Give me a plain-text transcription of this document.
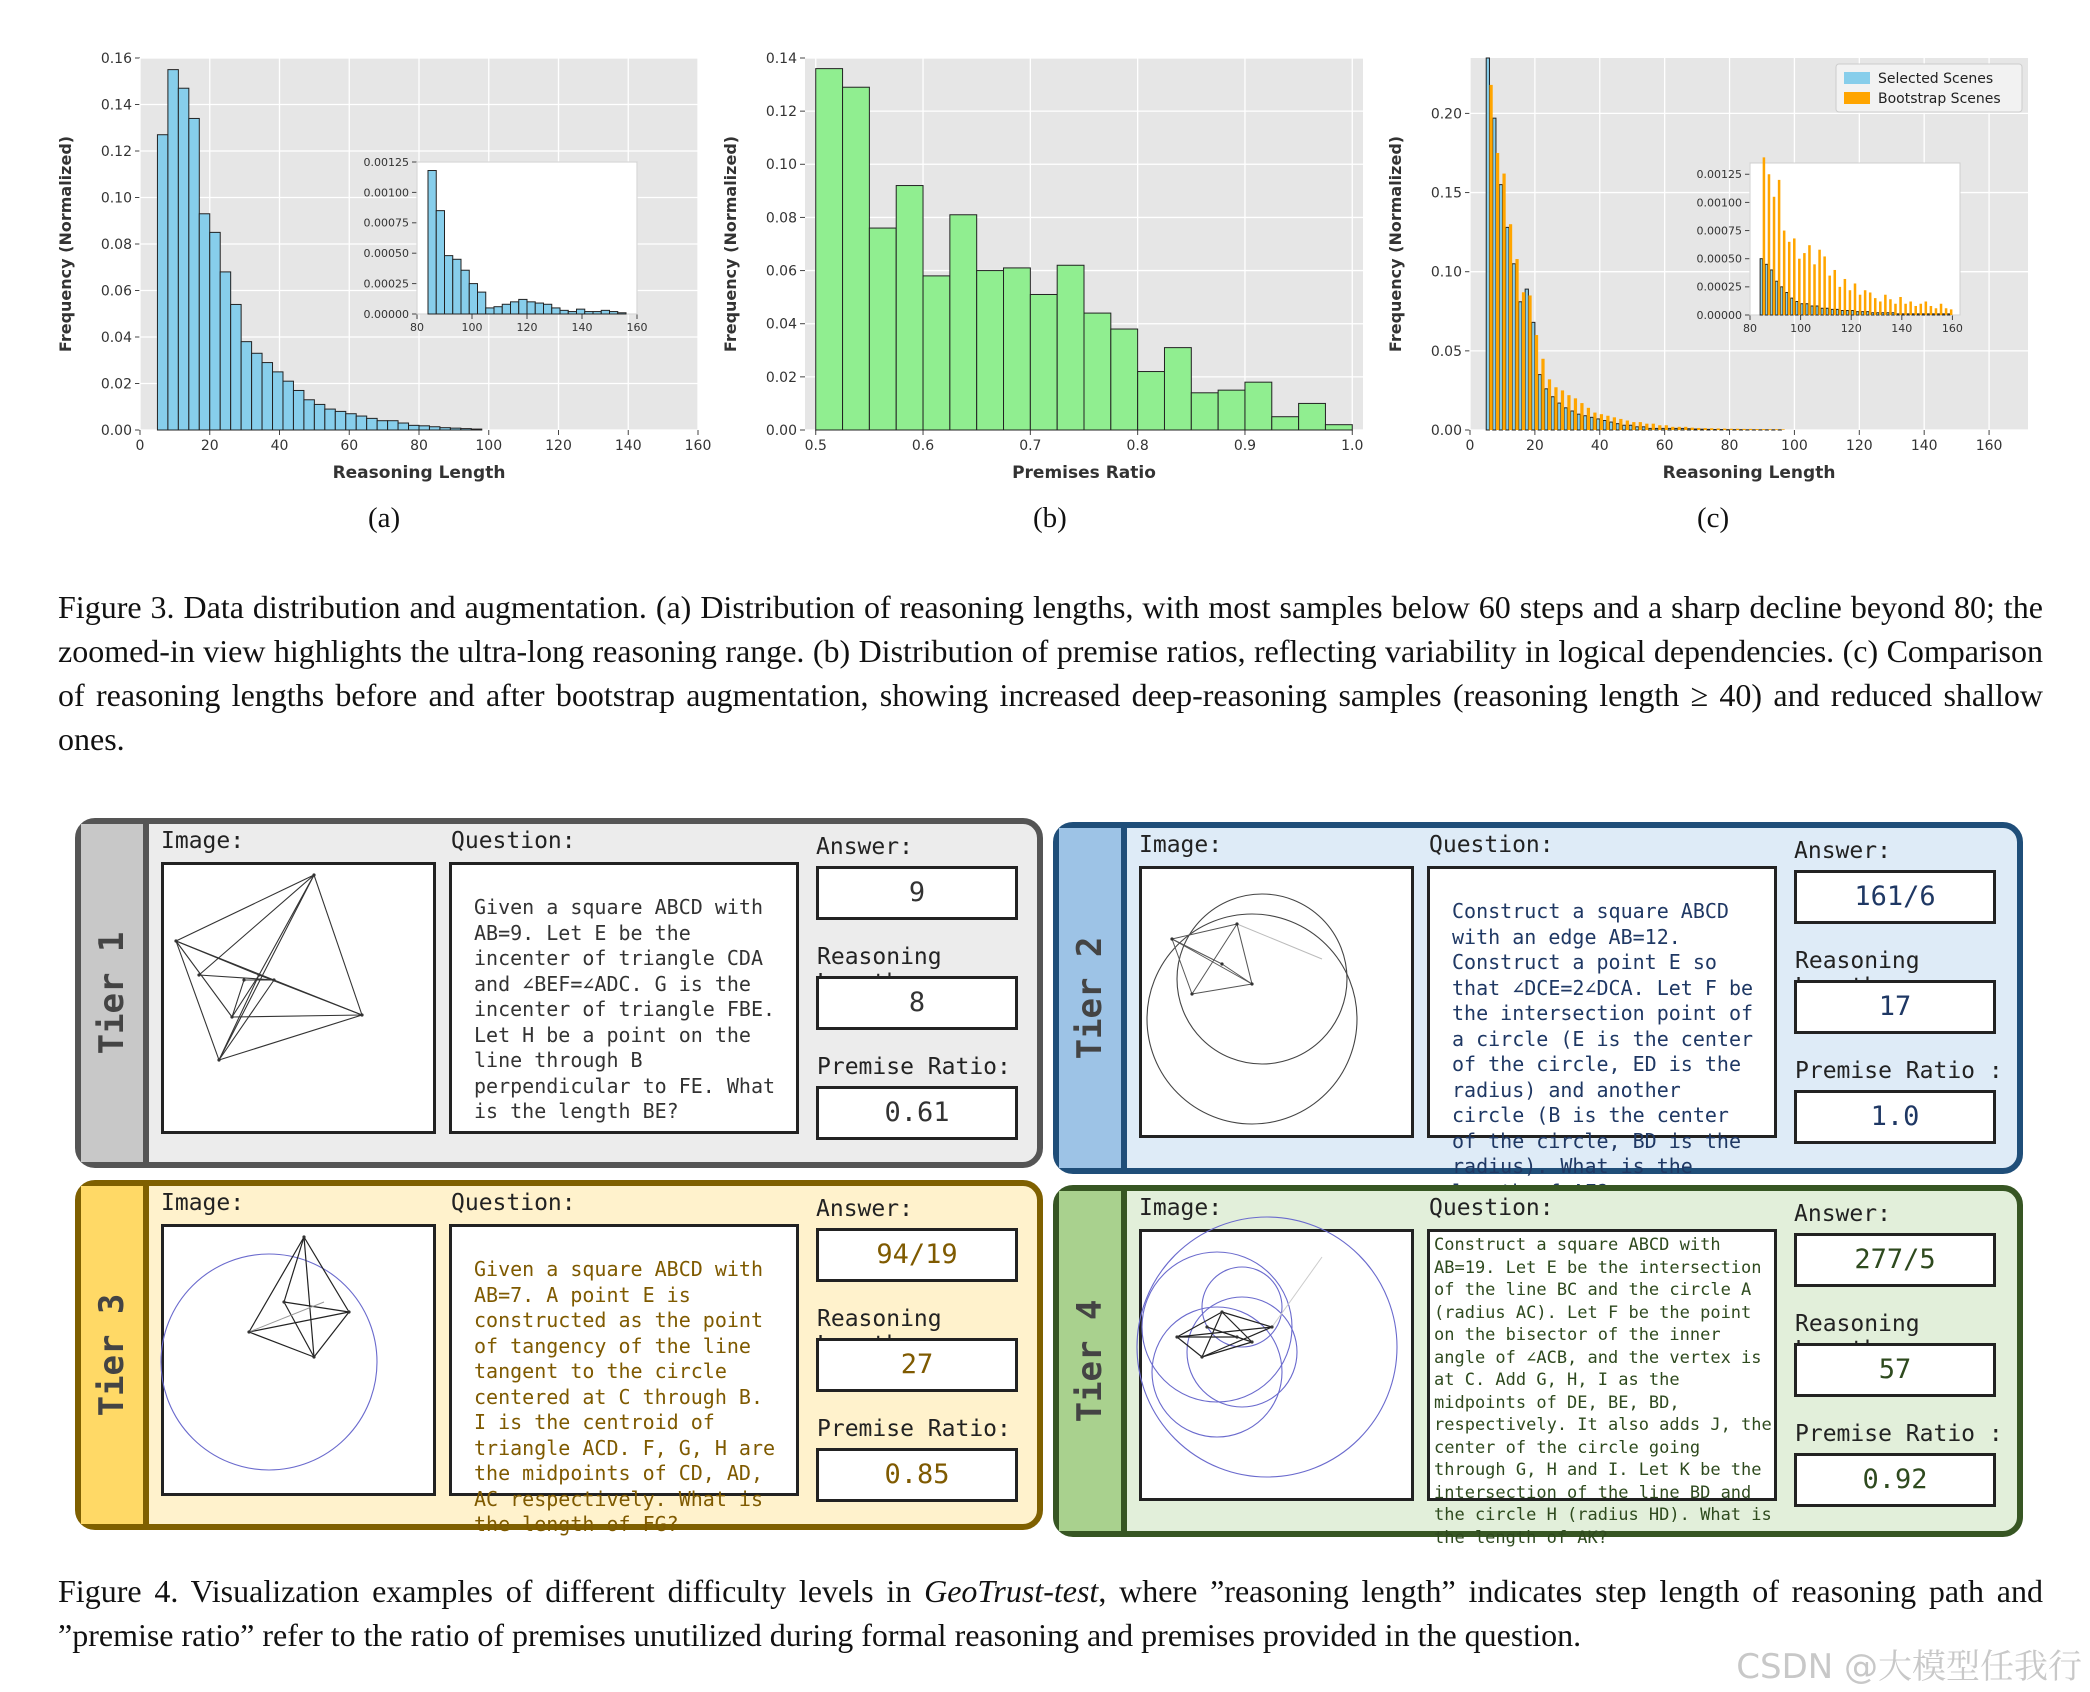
0.00
0.02
0.04
0.06
0.08
0.10
0.12
0.14
0.16
0	20	40	60	80	100	120	140	160
Reasoning Length
Frequency (Normalized)	0.00000
0.00025
0.00050
0.00075
0.00100
0.00125
80	100	120	140	160
0.00
0.02
0.04
0.06
0.08
0.10
0.12
0.14
0.5	0.6	0.7	0.8	0.9	1.0
Premises Ratio
Frequency (Normalized)
0.00
0.05
0.10
0.15
0.20
0	20	40	60	80	100	120	140	160
Reasoning Length
Frequency (Normalized)
Selected Scenes
Bootstrap Scenes
0.00000
0.00025
0.00050
0.00075
0.00100
0.00125
80	100	120	140	160
(a)	(b)	(c)
Figure 3. Data distribution and augmentation. (a) Distribution of reasoning lengths, with most samples below 60 steps and a sharp decline beyond 80; the zoomed-in view highlights the ultra-long reasoning range. (b) Distribution of premise ratios, reflecting variability in logical dependencies. (c) Comparison of reasoning lengths before and after bootstrap augmentation, showing increased deep-reasoning samples (reasoning length ≥ 40) and reduced shallow ones.
Tier 1
Image:	Question:
Given a square ABCD with AB=9. Let E be the incenter of triangle CDA and ∠BEF=∠ADC. G is the incenter of triangle FBE. Let H be a point on the line through B perpendicular to FE. What is the length BE?
Answer:
9
Reasoning
8
Premise Ratio:
0.61
Tier 2
Image:	Question:
Construct a square ABCD with an edge AB=12. Construct a point E so that ∠DCE=2∠DCA. Let F be the intersection point of a circle (E is the center of the circle, ED is the radius) and another circle (B is the center of the circle, BD is the radius). What is the
Answer:
161/6
Reasoning
17
Premise Ratio :
1.0
Tier 3
Image:	Question:
Given a square ABCD with AB=7. A point E is constructed as the point of tangency of the line tangent to the circle centered at C through B. I is the centroid of triangle ACD. F, G, H are the midpoints of CD, AD, AC respectively. What is the length of FG?
Answer:
94/19
Reasoning
27
Premise Ratio:
0.85
Tier 4
Image:	Question:
Construct a square ABCD with AB=19. Let E be the intersection of the line BC and the circle A (radius AC). Let F be the point on the bisector of the inner angle of ∠ACB, and the vertex is at C. Add G, H, I as the midpoints of DE, BE, BD, respectively. It also adds J, the center of the circle going through G, H and I. Let K be the intersection of the line BD and the circle H (radius HD). What is the length of AK?
Answer:
277/5
Reasoning
57
Premise Ratio :
0.92
Figure 4. Visualization examples of different difficulty levels in GeoTrust-test, where ”reasoning length” indicates step length of reasoning path and ”premise ratio” refer to the ratio of premises unutilized during formal reasoning and premises provided in the question.
CSDN @大模型任我行
